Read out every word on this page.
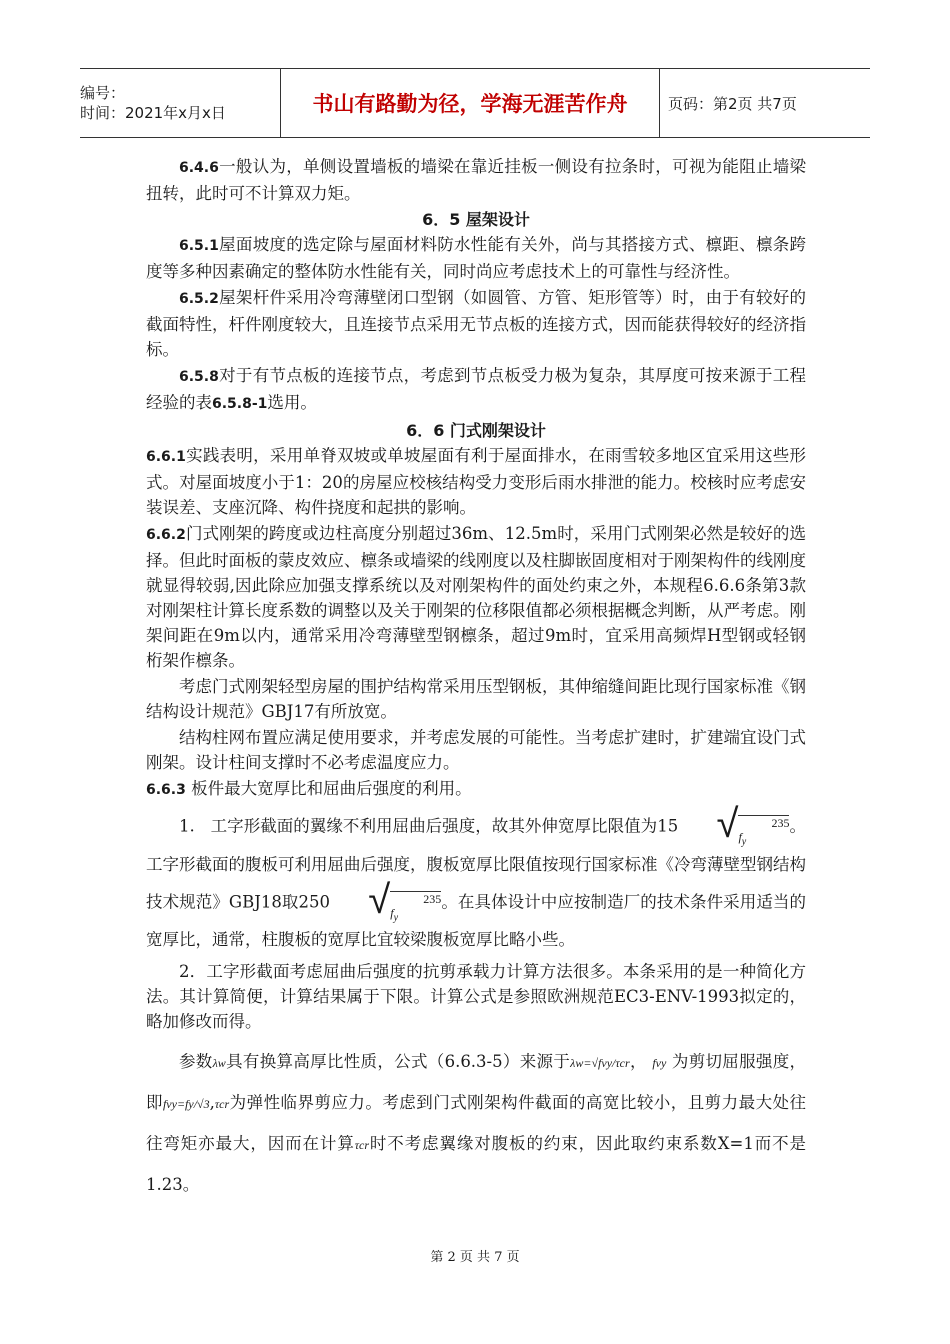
编号：
时间：2021年x月x日	书山有路勤为径，学海无涯苦作舟	页码：第2页 共7页

6.4.6一般认为，单侧设置墙板的墙梁在靠近挂板一侧设有拉条时，可视为能阻止墙梁扭转，此时可不计算双力矩。

6．5 屋架设计

6.5.1屋面坡度的选定除与屋面材料防水性能有关外，尚与其搭接方式、檩距、檩条跨度等多种因素确定的整体防水性能有关，同时尚应考虑技术上的可靠性与经济性。

6.5.2屋架杆件采用冷弯薄壁闭口型钢（如圆管、方管、矩形管等）时，由于有较好的截面特性，杆件刚度较大，且连接节点采用无节点板的连接方式，因而能获得较好的经济指标。

6.5.8对于有节点板的连接节点，考虑到节点板受力极为复杂，其厚度可按来源于工程经验的表6.5.8-1选用。

6．6 门式刚架设计

6.6.1实践表明，采用单脊双坡或单坡屋面有利于屋面排水，在雨雪较多地区宜采用这些形式。对屋面坡度小于1：20的房屋应校核结构受力变形后雨水排泄的能力。校核时应考虑安装误差、支座沉降、构件挠度和起拱的影响。

6.6.2门式刚架的跨度或边柱高度分别超过36m、12.5m时，采用门式刚架必然是较好的选择。但此时面板的蒙皮效应、檩条或墙梁的线刚度以及柱脚嵌固度相对于刚架构件的线刚度就显得较弱,因此除应加强支撑系统以及对刚架构件的面处约束之外，本规程6.6.6条第3款对刚架柱计算长度系数的调整以及关于刚架的位移限值都必须根据概念判断，从严考虑。刚架间距在9m以内，通常采用冷弯薄壁型钢檩条，超过9m时，宜采用高频焊H型钢或轻钢桁架作檩条。

考虑门式刚架轻型房屋的围护结构常采用压型钢板，其伸缩缝间距比现行国家标准《钢结构设计规范》GBJ17有所放宽。

结构柱网布置应满足使用要求，并考虑发展的可能性。当考虑扩建时，扩建端宜设门式刚架。设计柱间支撑时不必考虑温度应力。

6.6.3 板件最大宽厚比和屈曲后强度的利用。

1. 工字形截面的翼缘不利用屈曲后强度，故其外伸宽厚比限值为15 √	235
$f_y$。工字形截面的腹板可利用屈曲后强度，腹板宽厚比限值按现行国家标准《冷弯薄壁型钢结构技术规范》GBJ18取250 √	235
$f_y$。在具体设计中应按制造厂的技术条件采用适当的宽厚比，通常，柱腹板的宽厚比宜较梁腹板宽厚比略小些。

2．工字形截面考虑屈曲后强度的抗剪承载力计算方法很多。本条采用的是一种简化方法。其计算简便，计算结果属于下限。计算公式是参照欧洲规范EC3-ENV-1993拟定的，略加修改而得。

参数λw具有换算高厚比性质，公式（6.6.3-5）来源于λw=√fvy/τcr， fvy 为剪切屈服强度，即fvy=fy/√3,τcr为弹性临界剪应力。考虑到门式刚架构件截面的高宽比较小，且剪力最大处往往弯矩亦最大，因而在计算τcr时不考虑翼缘对腹板的约束，因此取约束系数X=1而不是1.23。

第 2 页 共 7 页
